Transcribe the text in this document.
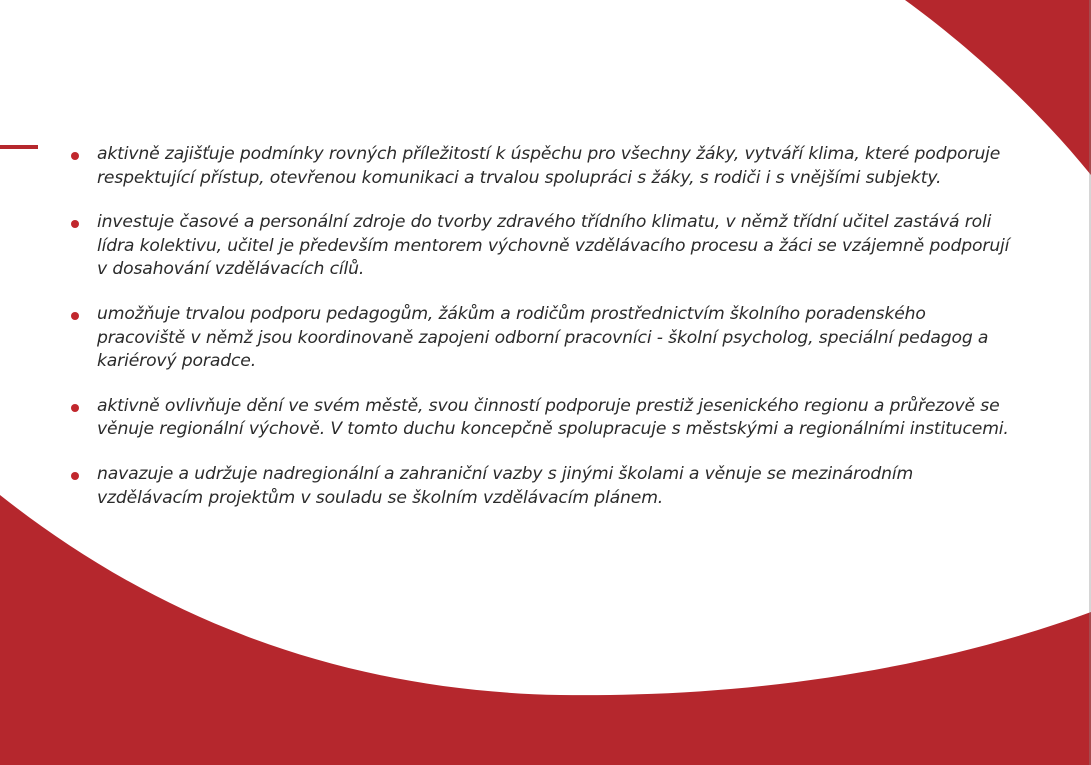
aktivně zajišťuje podmínky rovných příležitostí k úspěchu pro všechny žáky, vytváří klima, které podporuje respektující přístup, otevřenou komunikaci a trvalou spolupráci s žáky, s rodiči i s vnějšími subjekty.
investuje časové a personální zdroje do tvorby zdravého třídního klimatu, v němž třídní učitel zastává roli lídra kolektivu, učitel je především mentorem výchovně vzdělávacího procesu a žáci se vzájemně podporují v dosahování vzdělávacích cílů.
umožňuje trvalou podporu pedagogům, žákům a rodičům prostřednictvím školního poradenského pracoviště v němž jsou koordinovaně zapojeni odborní pracovníci - školní psycholog, speciální pedagog a kariérový poradce.
aktivně ovlivňuje dění ve svém městě, svou činností podporuje prestiž jesenického regionu a průřezově se věnuje regionální výchově. V tomto duchu koncepčně spolupracuje s městskými a regionálními institucemi.
navazuje a udržuje nadregionální a zahraniční vazby s jinými školami a věnuje se mezinárodním vzdělávacím projektům v souladu se školním vzdělávacím plánem.
